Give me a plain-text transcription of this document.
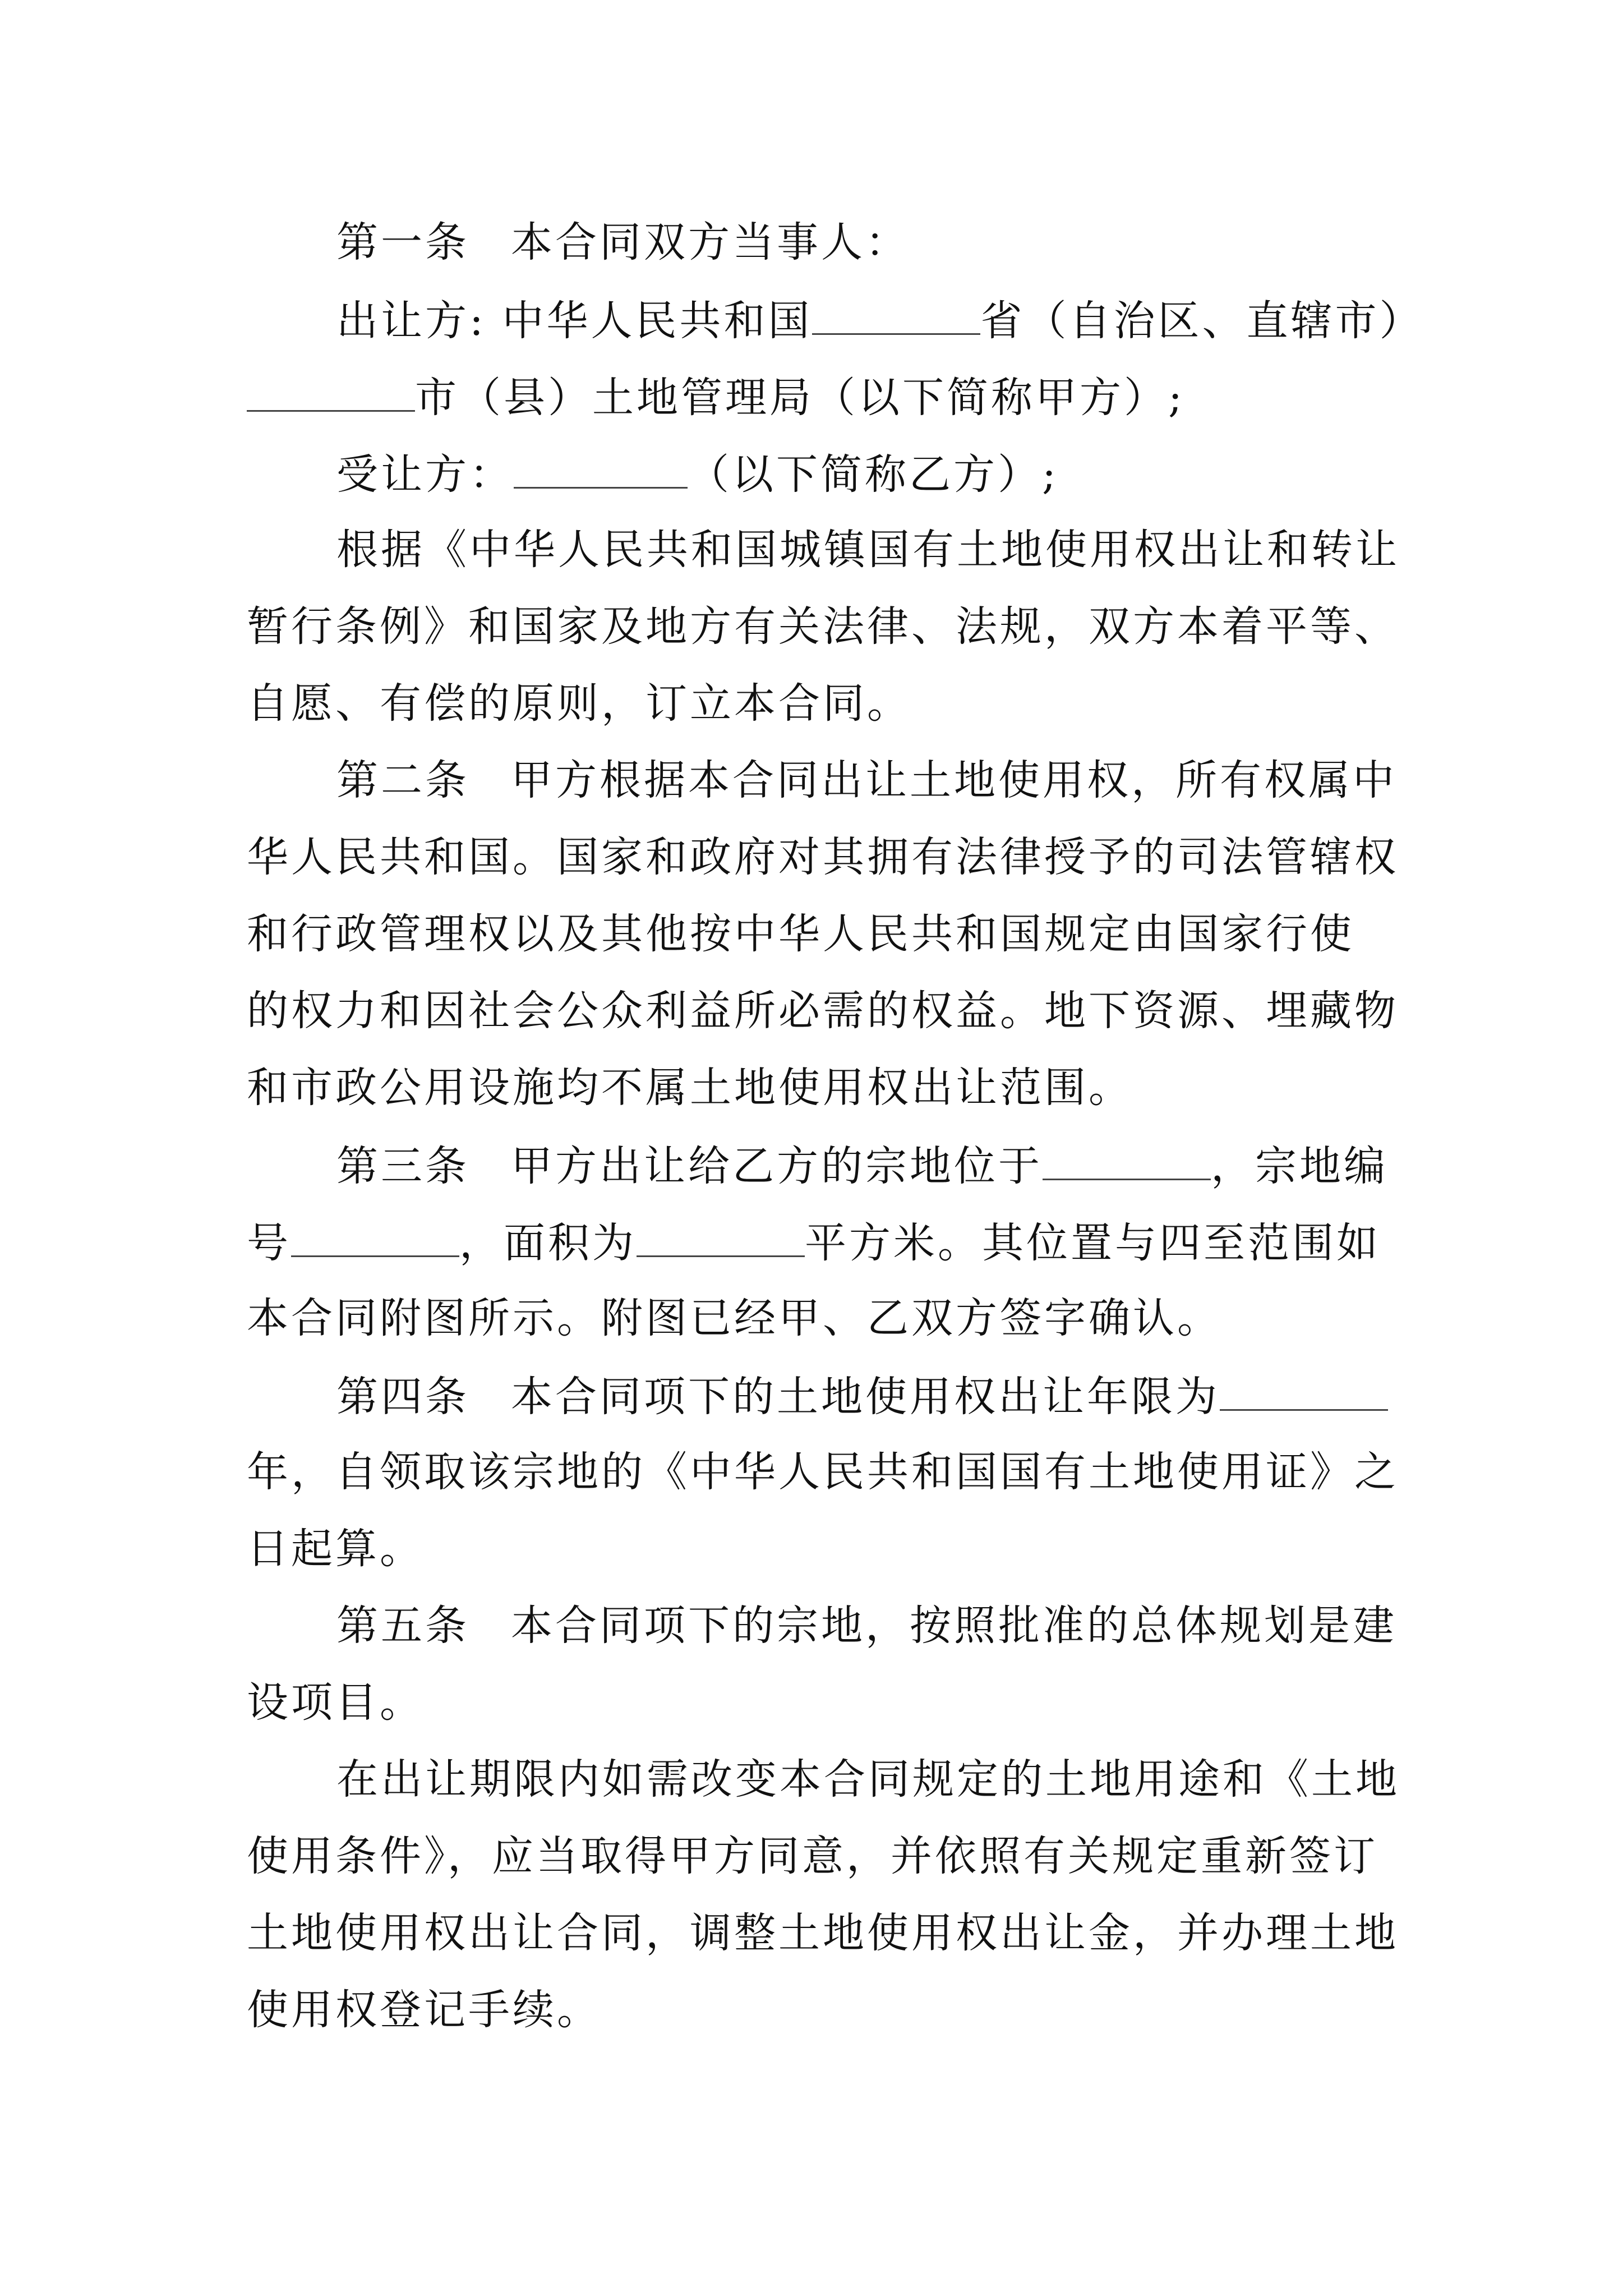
第一条 本合同双方当事人：
出让方: 中华人民共和国	省（自治区、直辖市）
市（县）土地管理局（以下简称甲方）;
受让方：	（以下简称乙方）;
根据《中华人民共和国城镇国有土地使用权出让和转让
暂行条例》和国家及地方有关法律、法规，双方本着平等、
自愿、有偿的原则，订立本合同。
第二条 甲方根据本合同出让土地使用权，所有权属中
华人民共和国。国家和政府对其拥有法律授予的司法管辖权
和行政管理权以及其他按中华人民共和国规定由国家行使
的权力和因社会公众利益所必需的权益。地下资源、埋藏物
和市政公用设施均不属土地使用权出让范围。
第三条 甲方出让给乙方的宗地位于	，宗地编
号	，面积为	平方米。其位置与四至范围如
本合同附图所示。附图已经甲、乙双方签字确认。
第四条 本合同项下的土地使用权出让年限为
年，自领取该宗地的《中华人民共和国国有土地使用证》之
日起算。
第五条 本合同项下的宗地，按照批准的总体规划是建
设项目。
在出让期限内如需改变本合同规定的土地用途和《土地
使用条件》，应当取得甲方同意，并依照有关规定重新签订
土地使用权出让合同，调整土地使用权出让金，并办理土地
使用权登记手续。
